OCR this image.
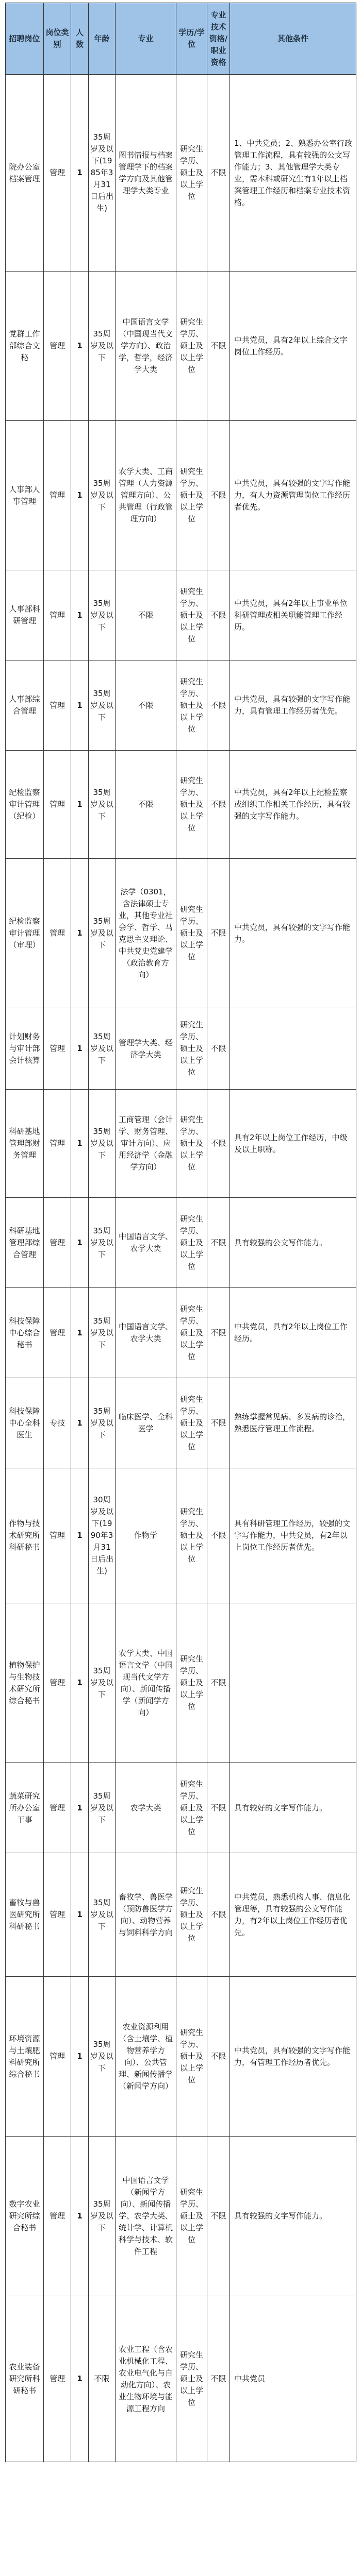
招聘岗位	岗位类别	人数	年龄	专业	学历/学位	专业技术资格/职业资格	其他条件
院办公室档案管理	管理	1	35周岁及以下(1985年3月31日后出生)	图书情报与档案管理学下的档案学方向及其他管理学大类专业	研究生学历、硕士及以上学位	不限	1、中共党员；2、熟悉办公室行政管理工作流程，具有较强的公文写作能力；3、其他管理学大类专业，需本科或研究生有1年以上档案管理工作经历和档案专业技术资格。
党群工作部综合文秘	管理	1	35周岁及以下	中国语言文学（中国现当代文学方向）、政治学，哲学，经济学大类	研究生学历、硕士及以上学位	不限	中共党员，具有2年以上综合文字岗位工作经历。
人事部人事管理	管理	1	35周岁及以下	农学大类、工商管理（人力资源管理方向）、公共管理（行政管理方向）	研究生学历、硕士及以上学位	不限	中共党员，具有较强的文字写作能力，有人力资源管理岗位工作经历者优先。
人事部科研管理	管理	1	35周岁及以下	不限	研究生学历、硕士及以上学位	不限	中共党员，具有2年以上事业单位科研管理或相关职能管理工作经历。
人事部综合管理	管理	1	35周岁及以下	不限	研究生学历、硕士及以上学位	不限	中共党员，具有较强的文字写作能力，具有管理工作经历者优先。
纪检监察审计管理（纪检）	管理	1	35周岁及以下	不限	研究生学历、硕士及以上学位	不限	中共党员，具有2年以上纪检监察或组织工作相关工作经历，具有较强的文字写作能力。
纪检监察审计管理（审理）	管理	1	35周岁及以下	法学（0301，含法律硕士专业，其他专业社会学、哲学、马克思主义理论、中共党史党建学（政治教育方向）	研究生学历、硕士及以上学位	不限	中共党员，具有较强的文字写作能力。
计划财务与审计部会计核算	管理	1	35周岁及以下	管理学大类、经济学大类	研究生学历、硕士及以上学位	不限	
科研基地管理部财务管理	管理	1	35周岁及以下	工商管理（会计学、财务管理、审计方向）、应用经济学（金融学方向）	研究生学历、硕士及以上学位	不限	具有2年以上岗位工作经历，中级及以上职称。
科研基地管理部综合管理	管理	1	35周岁及以下	中国语言文学、农学大类	研究生学历、硕士及以上学位	不限	具有较强的公文写作能力。
科技保障中心综合秘书	管理	1	35周岁及以下	中国语言文学、农学大类	研究生学历、硕士及以上学位	不限	中共党员，具有2年以上岗位工作经历。
科技保障中心全科医生	专技	1	35周岁及以下	临床医学、全科医学	研究生学历、硕士及以上学位	不限	熟练掌握常见病、多发病的诊治，熟悉医疗管理工作流程。
作物与技术研究所科研秘书	管理	1	30周岁及以下(1990年3月31日后出生)	作物学	研究生学历、硕士及以上学位	不限	具有科研管理工作经历，较强的文字写作能力，中共党员，有2年以上岗位工作经历者优先。
植物保护与生物技术研究所综合秘书	管理	1	35周岁及以下	农学大类、中国语言文学（中国现当代文学方向）、新闻传播学（新闻学方向）	研究生学历、硕士及以上学位	不限	
蔬菜研究所办公室干事	管理	1	35周岁及以下	农学大类	研究生学历、硕士及以上学位	不限	具有较好的文字写作能力。
畜牧与兽医研究所科研秘书	管理	1	35周岁及以下	畜牧学、兽医学（预防兽医学方向）、动物营养与饲料科学方向	研究生学历、硕士及以上学位	不限	中共党员，熟悉机构人事、信息化管理等，具有较强的公文写作能力，有2年以上岗位工作经历者优先。
环境资源与土壤肥料研究所综合秘书	管理	1	35周岁及以下	农业资源利用（含土壤学、植物营养学方向）、公共管理、新闻传播学（新闻学方向）	研究生学历、硕士及以上学位	不限	中共党员，具有较强的文字写作能力，有管理工作经历者优先。
数字农业研究所综合秘书	管理	1	35周岁及以下	中国语言文学（新闻学方向）、新闻传播学、农学大类、统计学、计算机科学与技术、软件工程	研究生学历、硕士及以上学位	不限	具有较强的文字写作能力。
农业装备研究所科研秘书	管理	1	不限	农业工程（含农业机械化工程、农业电气化与自动化方向）、农业生物环境与能源工程方向	研究生学历、硕士及以上学位	不限	中共党员
